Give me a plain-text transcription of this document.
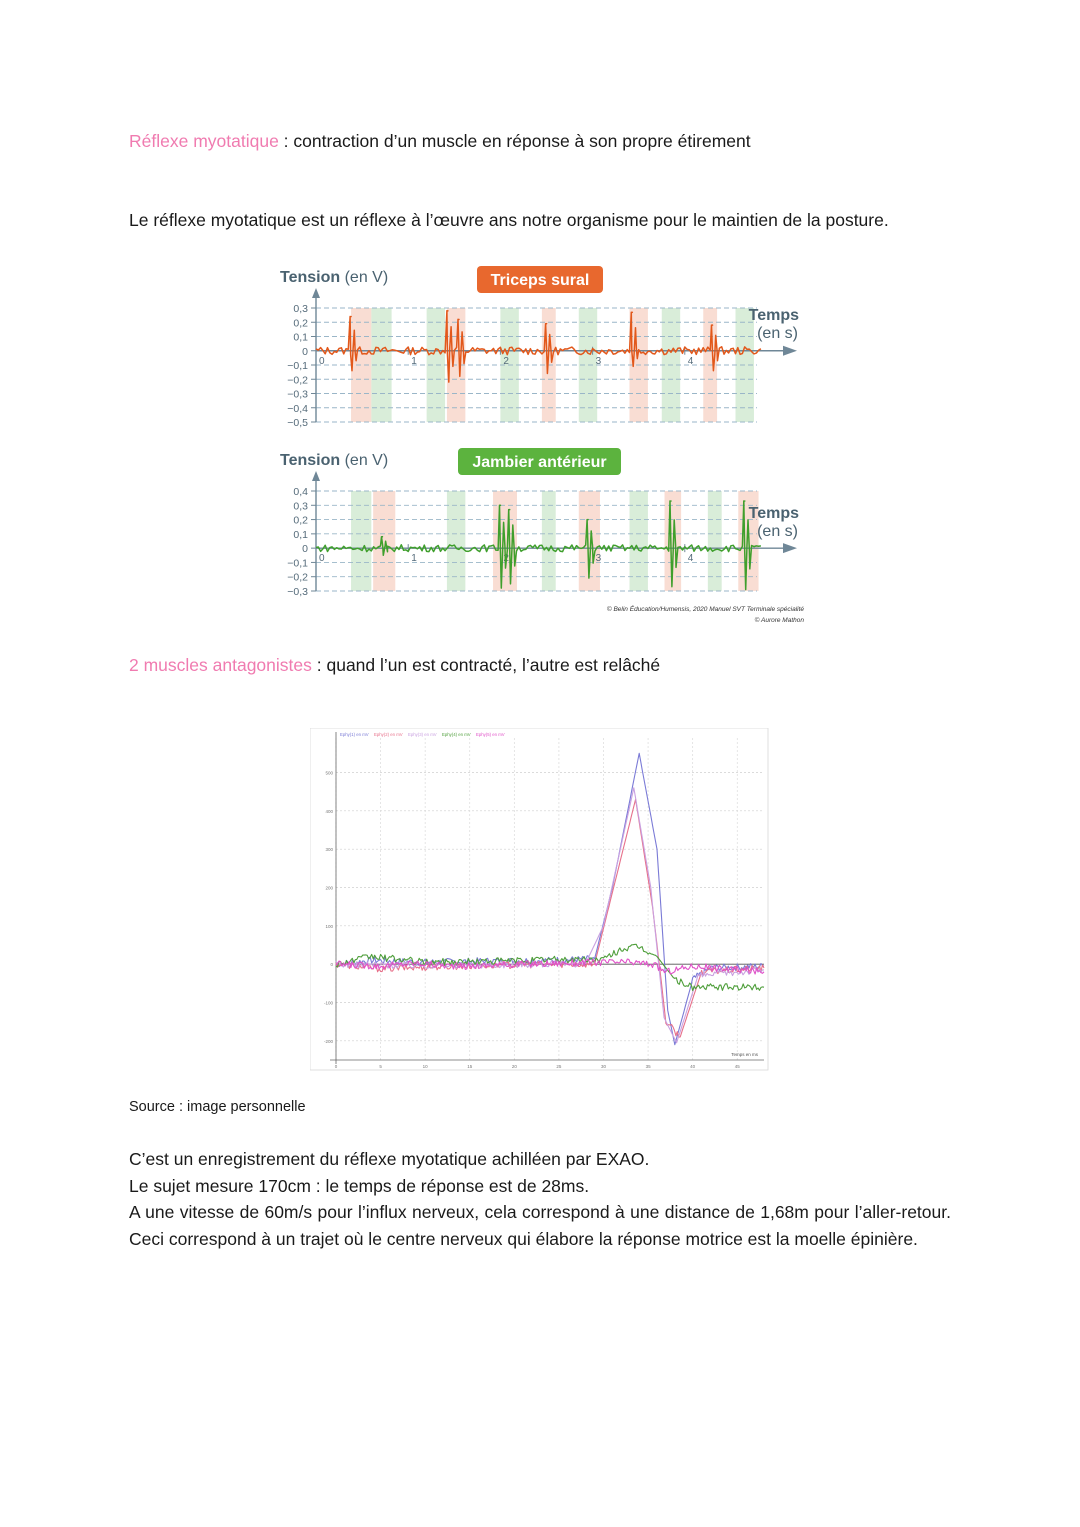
Réflexe myotatique : contraction d’un muscle en réponse à son propre étirement

Le réflexe myotatique est un réflexe à l’œuvre ans notre organisme pour le maintien de la posture.

0,3
0,2
0,1
0
−0,1
−0,2
−0,3
−0,4
−0,5
0	1	2	3	4
Tension (en V)
Temps
(en s)
Triceps sural
0,4
0,3
0,2
0,1
0
−0,1
−0,2
−0,3
0	1	2	3	4
Tension (en V)
Temps
(en s)
Jambier antérieur
© Belin Éducation/Humensis, 2020 Manuel SVT Terminale spécialité
© Aurore Mathon

2 muscles antagonistes : quand l’un est contracté, l’autre est relâché

500
400
300
200
100
0
-100
-200
0	5	10	15	20	25	30	35	40	45
Temps en ms
Ephy(1) en mV Ephy(2) en mV Ephy(3) en mV Ephy(4) en mV Ephy(5) en mV

Source : image personnelle

C’est un enregistrement du réflexe myotatique achilléen par EXAO.
Le sujet mesure 170cm : le temps de réponse est de 28ms.
A une vitesse de 60m/s pour l’influx nerveux, cela correspond à une distance de 1,68m pour l’aller-retour. Ceci correspond à un trajet où le centre nerveux qui élabore la réponse motrice est la moelle épinière.
